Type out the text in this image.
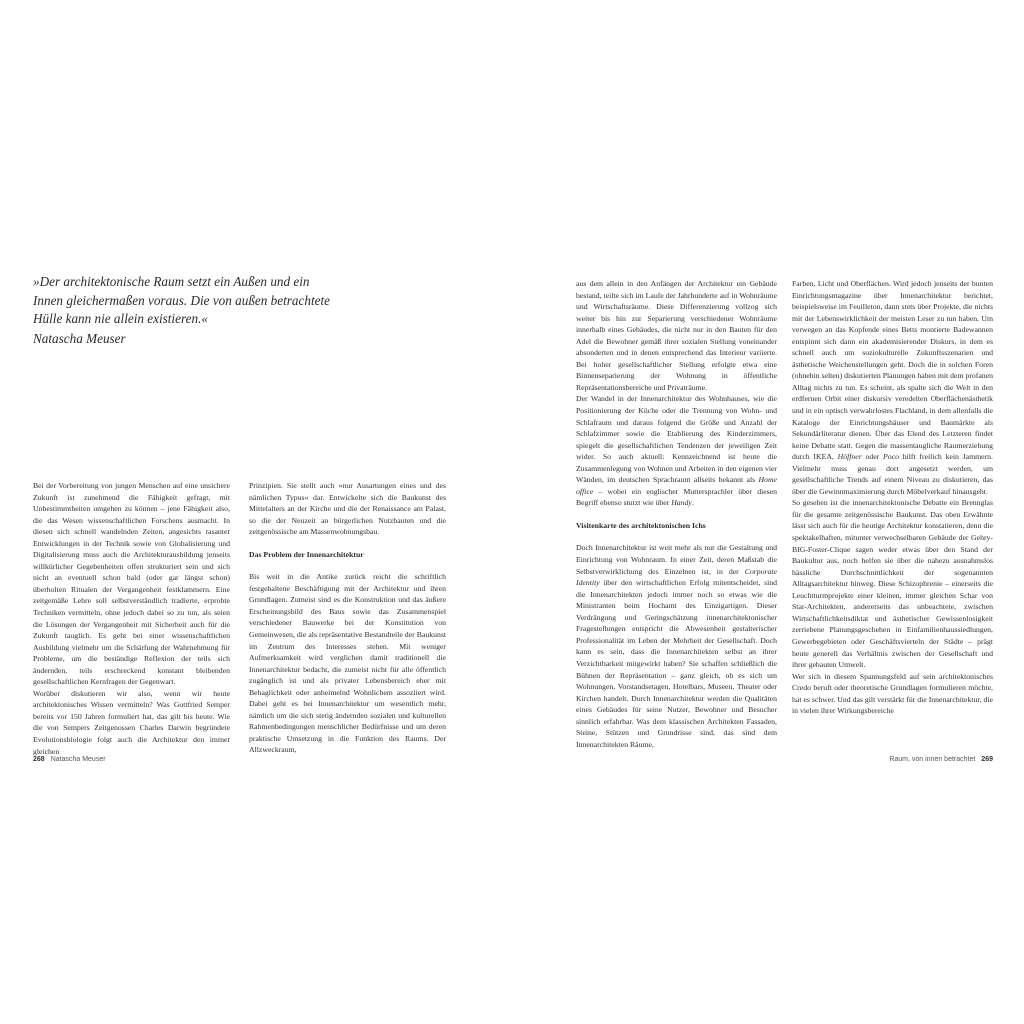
»Der architektonische Raum setzt ein Außen und ein Innen gleichermaßen voraus. Die von außen betrachtete Hülle kann nie allein existieren.«
Natascha Meuser

Bei der Vorbereitung von jungen Menschen auf eine unsichere Zukunft ist zunehmend die Fähigkeit gefragt, mit Unbestimmtheiten umgehen zu können – jene Fähigkeit also, die das Wesen wissenschaftlichen Forschens ausmacht. In diesen sich schnell wandelnden Zeiten, angesichts rasanter Entwicklungen in der Technik sowie von Globalisierung und Digitalisierung muss auch die Architekturausbildung jenseits willkürlicher Gegebenheiten offen strukturiert sein und sich nicht an eventuell schon bald (oder gar längst schon) überholten Ritualen der Vergangenheit festklammern. Eine zeitgemäße Lehre soll selbstverständlich tradierte, erprobte Techniken vermitteln, ohne jedoch dabei so zu tun, als seien die Lösungen der Vergangenheit mit Sicherheit auch für die Zukunft tauglich. Es geht bei einer wissenschaftlichen Ausbildung vielmehr um die Schärfung der Wahrnehmung für Probleme, um die beständige Reflexion der teils sich ändernden, teils erschreckend konstant bleibenden gesellschaftlichen Kernfragen der Gegenwart.

Worüber diskutieren wir also, wenn wir heute architektonisches Wissen vermitteln? Was Gottfried Semper bereits vor 150 Jahren formuliert hat, das gilt bis heute. Wie die von Sempers Zeitgenossen Charles Darwin begründete Evolutionsbiologie folgt auch die Architektur den immer gleichen

Prinzipien. Sie stellt auch »nur Ausartungen eines und des nämlichen Typus« dar. Entwickelte sich die Baukunst des Mittelalters an der Kirche und die der Renaissance am Palast, so die der Neuzeit an bürgerlichen Nutzbauten und die zeitgenössische am Massenwohnungsbau.

Das Problem der Innenarchitektur

Bis weit in die Antike zurück reicht die schriftlich festgehaltene Beschäftigung mit der Architektur und ihren Grundlagen. Zumeist sind es die Konstruktion und das äußere Erscheinungsbild des Baus sowie das Zusammenspiel verschiedener Bauwerke bei der Konstitution von Gemeinwesen, die als repräsentative Bestandteile der Baukunst im Zentrum des Interesses stehen. Mit weniger Aufmerksamkeit wird verglichen damit traditionell die Innenarchitektur bedacht, die zumeist nicht für alle öffentlich zugänglich ist und als privater Lebensbereich eher mit Behaglichkeit oder anheimelnd Wohnlichem assoziiert wird. Dabei geht es bei Innenarchitektur um wesentlich mehr, nämlich um die sich stetig ändernden sozialen und kulturellen Rahmenbedingungen menschlicher Bedürfnisse und um deren praktische Umsetzung in die Funktion des Raums. Der Allzweckraum,

aus dem allein in den Anfängen der Architektur ein Gebäude bestand, teilte sich im Laufe der Jahrhunderte auf in Wohnräume und Wirtschaftsräume. Diese Differenzierung vollzog sich weiter bis hin zur Separierung verschiedener Wohnräume innerhalb eines Gebäudes, die nicht nur in den Bauten für den Adel die Bewohner gemäß ihrer sozialen Stellung voneinander absonderten und in denen entsprechend das Interieur variierte. Bei hoher gesellschaftlicher Stellung erfolgte etwa eine Binnenseparierung der Wohnung in öffentliche Repräsentationsbereiche und Privaträume.

Der Wandel in der Innenarchitektur des Wohnhauses, wie die Positionierung der Küche oder die Trennung von Wohn- und Schlafraum und daraus folgend die Größe und Anzahl der Schlafzimmer sowie die Etablierung des Kinderzimmers, spiegelt die gesellschaftlichen Tendenzen der jeweiligen Zeit wider. So auch aktuell: Kennzeichnend ist heute die Zusammenlegung von Wohnen und Arbeiten in den eigenen vier Wänden, im deutschen Sprachraum allseits bekannt als Home office – wobei ein englischer Muttersprachler über diesen Begriff ebenso stutzt wie über Handy.

Visitenkarte des architektonischen Ichs

Doch Innenarchitektur ist weit mehr als nur die Gestaltung und Einrichtung von Wohnraum. In einer Zeit, deren Maßstab die Selbstverwirklichung des Einzelnen ist, in der Corporate Identity über den wirtschaftlichen Erfolg mitentscheidet, sind die Innenarchitekten jedoch immer noch so etwas wie die Ministranten beim Hochamt des Einzigartigen. Dieser Verdrängung und Geringschätzung innenarchitektonischer Fragestellungen entspricht die Abwesenheit gestalterischer Professionalität im Leben der Mehrheit der Gesellschaft. Doch kann es sein, dass die Innenarchitekten selbst an ihrer Verzichtbarkeit mitgewirkt haben? Sie schaffen schließlich die Bühnen der Repräsentation – ganz gleich, ob es sich um Wohnungen, Vorstandsetagen, Hotelbars, Museen, Theater oder Kirchen handelt. Durch Innenarchitektur werden die Qualitäten eines Gebäudes für seine Nutzer, Bewohner und Besucher sinnlich erfahrbar. Was dem klassischen Architekten Fassaden, Steine, Stützen und Grundrisse sind, das sind dem Innenarchitekten Räume,

Farben, Licht und Oberflächen. Wird jedoch jenseits der bunten Einrichtungsmagazine über Innenarchitektur berichtet, beispielsweise im Feuilleton, dann stets über Projekte, die nichts mit der Lebenswirklichkeit der meisten Leser zu tun haben. Um verwegen an das Kopfende eines Betts montierte Badewannen entspinnt sich dann ein akademisierender Diskurs, in dem es schnell auch um soziokulturelle Zukunftsszenarien und ästhetische Weichenstellungen geht. Doch die in solchen Foren (ohnehin selten) diskutierten Planungen haben mit dem profanen Alltag nichts zu tun. Es scheint, als spalte sich die Welt in den erdfernen Orbit einer diskursiv veredelten Oberflächenästhetik und in ein optisch verwahrlostes Flachland, in dem allenfalls die Kataloge der Einrichtungshäuser und Baumärkte als Sekundärliteratur dienen. Über das Elend des Letzteren findet keine Debatte statt. Gegen die massentaugliche Raumerziehung durch IKEA, Höffner oder Poco hilft freilich kein Jammern. Vielmehr muss genau dort angesetzt werden, um gesellschaftliche Trends auf einem Niveau zu diskutieren, das über die Gewinnmaximierung durch Möbelverkauf hinausgeht.

So gesehen ist die innenarchitektonische Debatte ein Brennglas für die gesamte zeitgenössische Baukunst. Das oben Erwähnte lässt sich auch für die heutige Architektur konstatieren, denn die spektakelhaften, mitunter verwechselbaren Gebäude der Gehry-BIG-Foster-Clique sagen weder etwas über den Stand der Baukultur aus, noch helfen sie über die nahezu ausnahmslos hässliche Durchschnittlichkeit der sogenannten Alltagsarchitektur hinweg. Diese Schizophrenie – einerseits die Leuchtturmprojekte einer kleinen, immer gleichen Schar von Star-Architekten, andererseits das unbeachtete, zwischen Wirtschaftlichkeitsdiktat und ästhetischer Gewissenlosigkeit zerriebene Planungsgeschehen in Einfamilienhaussiedlungen, Gewerbegebieten oder Geschäftsvierteln der Städte – prägt heute generell das Verhältnis zwischen der Gesellschaft und ihrer gebauten Umwelt.

Wer sich in diesem Spannungsfeld auf sein architektonisches Credo beruft oder theoretische Grundlagen formulieren möchte, hat es schwer. Und das gilt verstärkt für die Innenarchitektur, die in vielen ihrer Wirkungsbereiche

268 Natascha Meuser	Raum, von innen betrachtet 269
